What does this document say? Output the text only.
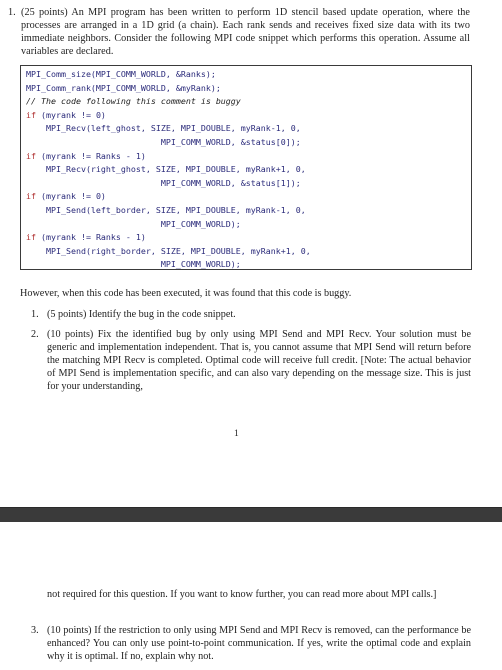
1. (25 points) An MPI program has been written to perform 1D stencil based update operation, where the processes are arranged in a 1D grid (a chain). Each rank sends and receives fixed size data with its two immediate neighbors. Consider the following MPI code snippet which performs this operation. Assume all variables are declared.
MPI_Comm_size(MPI_COMM_WORLD, &Ranks);
MPI_Comm_rank(MPI_COMM_WORLD, &myRank);
// The code following this comment is buggy
if (myrank != 0)
MPI_Recv(left_ghost, SIZE, MPI_DOUBLE, myRank-1, 0,
MPI_COMM_WORLD, &status[0]);
if (myrank != Ranks - 1)
MPI_Recv(right_ghost, SIZE, MPI_DOUBLE, myRank+1, 0,
MPI_COMM_WORLD, &status[1]);
if (myrank != 0)
MPI_Send(left_border, SIZE, MPI_DOUBLE, myRank-1, 0,
MPI_COMM_WORLD);
if (myrank != Ranks - 1)
MPI_Send(right_border, SIZE, MPI_DOUBLE, myRank+1, 0,
MPI_COMM_WORLD);
However, when this code has been executed, it was found that this code is buggy.
1. (5 points) Identify the bug in the code snippet.
2. (10 points) Fix the identified bug by only using MPI Send and MPI Recv. Your solution must be generic and implementation independent. That is, you cannot assume that MPI Send will return before the matching MPI Recv is completed. Optimal code will receive full credit. [Note: The actual behavior of MPI Send is implementation specific, and can also vary depending on the message size. This is just for your understanding,
1
not required for this question. If you want to know further, you can read more about MPI calls.]
3. (10 points) If the restriction to only using MPI Send and MPI Recv is removed, can the performance be enhanced? You can only use point-to-point communication. If yes, write the optimal code and explain why it is optimal. If no, explain why not.
